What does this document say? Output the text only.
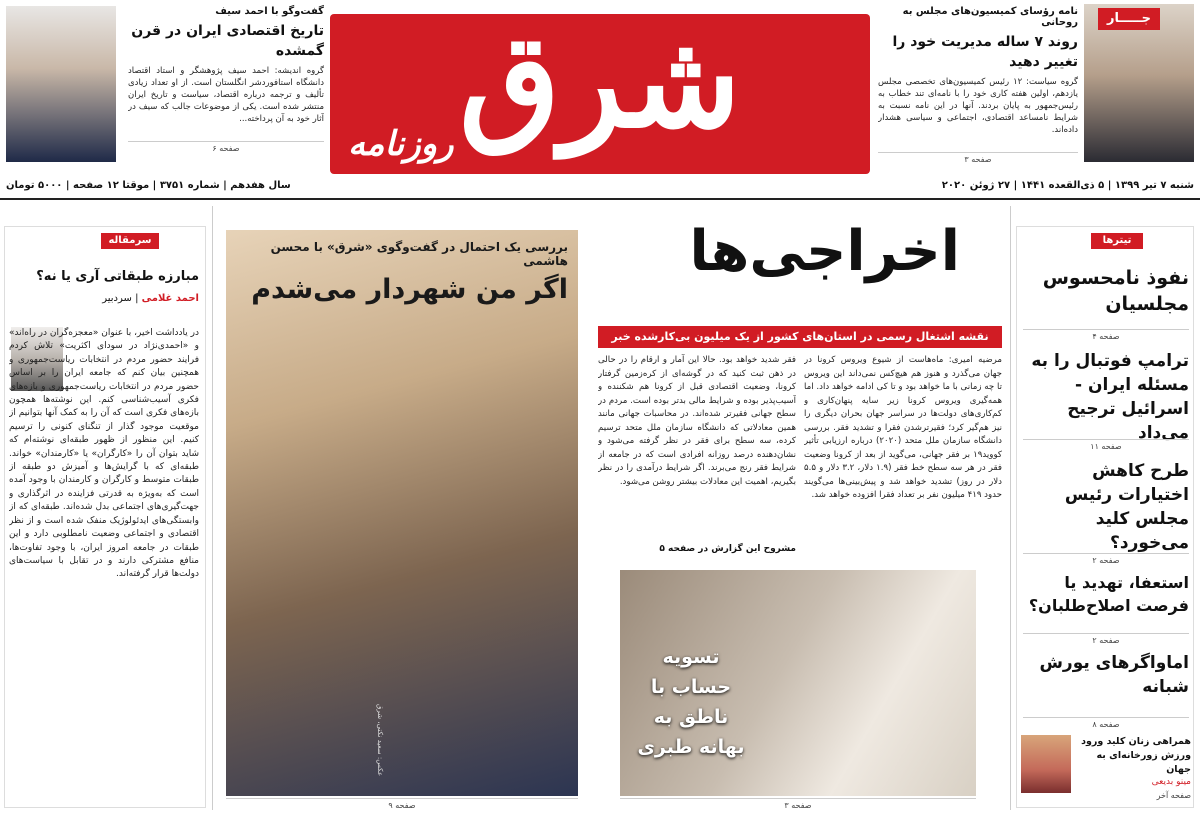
جـــــار
نامه رؤسای کمیسیون‌های مجلس به روحانی
روند ۷ ساله مدیریت خود را تغییر دهید
گروه سیاست: ۱۲ رئیس کمیسیون‌های تخصصی مجلس یازدهم، اولین هفته کاری خود را با نامه‌ای تند خطاب به رئیس‌جمهور به پایان بردند. آنها در این نامه نسبت به شرایط نامساعد اقتصادی، اجتماعی و سیاسی هشدار داده‌اند.
صفحه ۳
شرق
روزنامه
گفت‌وگو با احمد سیف
تاریخ اقتصادی ایران در قرن گمشده
گروه اندیشه: احمد سیف پژوهشگر و استاد اقتصاد دانشگاه استافوردشر انگلستان است. از او تعداد زیادی تألیف و ترجمه درباره اقتصاد، سیاست و تاریخ ایران منتشر شده است. یکی از موضوعات جالب که سیف در آثار خود به آن پرداخته...
صفحه ۶
شنبه ۷ تیر ۱۳۹۹ | ۵ ذی‌القعده ۱۴۴۱ | ۲۷ ژوئن ۲۰۲۰
سال هفدهم | شماره ۳۷۵۱ | موقتا ۱۲ صفحه | ۵۰۰۰ تومان
تیترها
نفوذ نامحسوس مجلسیان
صفحه ۴
ترامپ فوتبال را به مسئله ایران - اسرائیل ترجیح می‌داد
صفحه ۱۱
طرح کاهش اختیارات رئیس مجلس کلید می‌خورد؟
صفحه ۲
استعفا، تهدید یا فرصت اصلاح‌طلبان؟
صفحه ۲
اماواگرهای یورش شبانه
صفحه ۸
همراهی زنان کلید ورود ورزش زورخانه‌ای به جهان
مینو بدیعی
صفحه آخر
سرمقاله
مبارزه طبقاتی آری یا نه؟
احمد غلامی | سردبیر
در یادداشت اخیر، با عنوان «معجزه‌گران در راه‌اند» و «احمدی‌نژاد در سودای اکثریت» تلاش کردم فرایند حضور مردم در انتخابات ریاست‌جمهوری و همچنین بیان کنم که جامعه ایران را بر اساس حضور مردم در انتخابات ریاست‌جمهوری و بازه‌های فکری آسیب‌شناسی کنم. این نوشته‌ها همچون بازه‌های فکری است که آن را به کمک آنها بتوانیم از موقعیت موجود گذار از تنگنای کنونی را ترسیم کنیم. این منظور از ظهور طبقه‌ای نوشته‌ام که شاید بتوان آن را «کارگران» یا «کارمندان» خواند. طبقه‌ای که با گرایش‌ها و آمیزش دو طبقه از طبقات متوسط و کارگران و کارمندان با وجود آمده است که به‌ویژه به قدرتی فزاینده در اثرگذاری و جهت‌گیری‌های اجتماعی بدل شده‌اند. طبقه‌ای که از وابستگی‌های ایدئولوژیک منفک شده است و از نظر اقتصادی و اجتماعی وضعیت نامطلوبی دارد و این طبقات در جامعه امروز ایران، با وجود تفاوت‌ها، منافع مشترکی دارند و در تقابل با سیاست‌های دولت‌ها قرار گرفته‌اند.
بررسی یک احتمال در گفت‌وگوی «شرق» با محسن هاشمی
اگر من شهردار می‌شدم
عکس: سعید نکتی، شرق
صفحه ۹
اخراجی‌ها
نقشه اشتغال رسمی در استان‌های کشور از یک میلیون بی‌کارشده خبر
مرضیه امیری: ماه‌هاست از شیوع ویروس کرونا در جهان می‌گذرد و هنوز هم هیچ‌کس نمی‌داند این ویروس تا چه زمانی با ما خواهد بود و تا کی ادامه خواهد داد. اما همه‌گیری ویروس کرونا زیر سایه پنهان‌کاری و کم‌کاری‌های دولت‌ها در سراسر جهان بحران دیگری را نیز هم‌گیر کرد؛ فقیرترشدن فقرا و تشدید فقر. بررسی دانشگاه سازمان ملل متحد (۲۰۲۰) درباره ارزیابی تأثیر کووید۱۹ بر فقر جهانی، می‌گوید از بعد از کرونا وضعیت فقر در هر سه سطح خط فقر (۱.۹ دلار، ۳.۲ دلار و ۵.۵ دلار در روز) تشدید خواهد شد و پیش‌بینی‌ها می‌گویند حدود ۴۱۹ میلیون نفر بر تعداد فقرا افزوده خواهد شد.
فقر شدید خواهد بود. حالا این آمار و ارقام را در حالی در ذهن ثبت کنید که در گوشه‌ای از کره‌زمین گرفتار کرونا، وضعیت اقتصادی قبل از کرونا هم شکننده و آسیب‌پذیر بوده و شرایط مالی بدتر بوده است. مردم در سطح جهانی فقیرتر شده‌اند. در محاسبات جهانی مانند همین معادلاتی که دانشگاه سازمان ملل متحد ترسیم کرده، سه سطح برای فقر در نظر گرفته می‌شود و نشان‌دهنده درصد روزانه افرادی است که در جامعه از شرایط فقر رنج می‌برند. اگر شرایط درآمدی را در نظر بگیریم، اهمیت این معادلات بیشتر روشن می‌شود.
مشروح این گزارش در صفحه ۵
تسویه حساب با ناطق به بهانه طبری
صفحه ۳
